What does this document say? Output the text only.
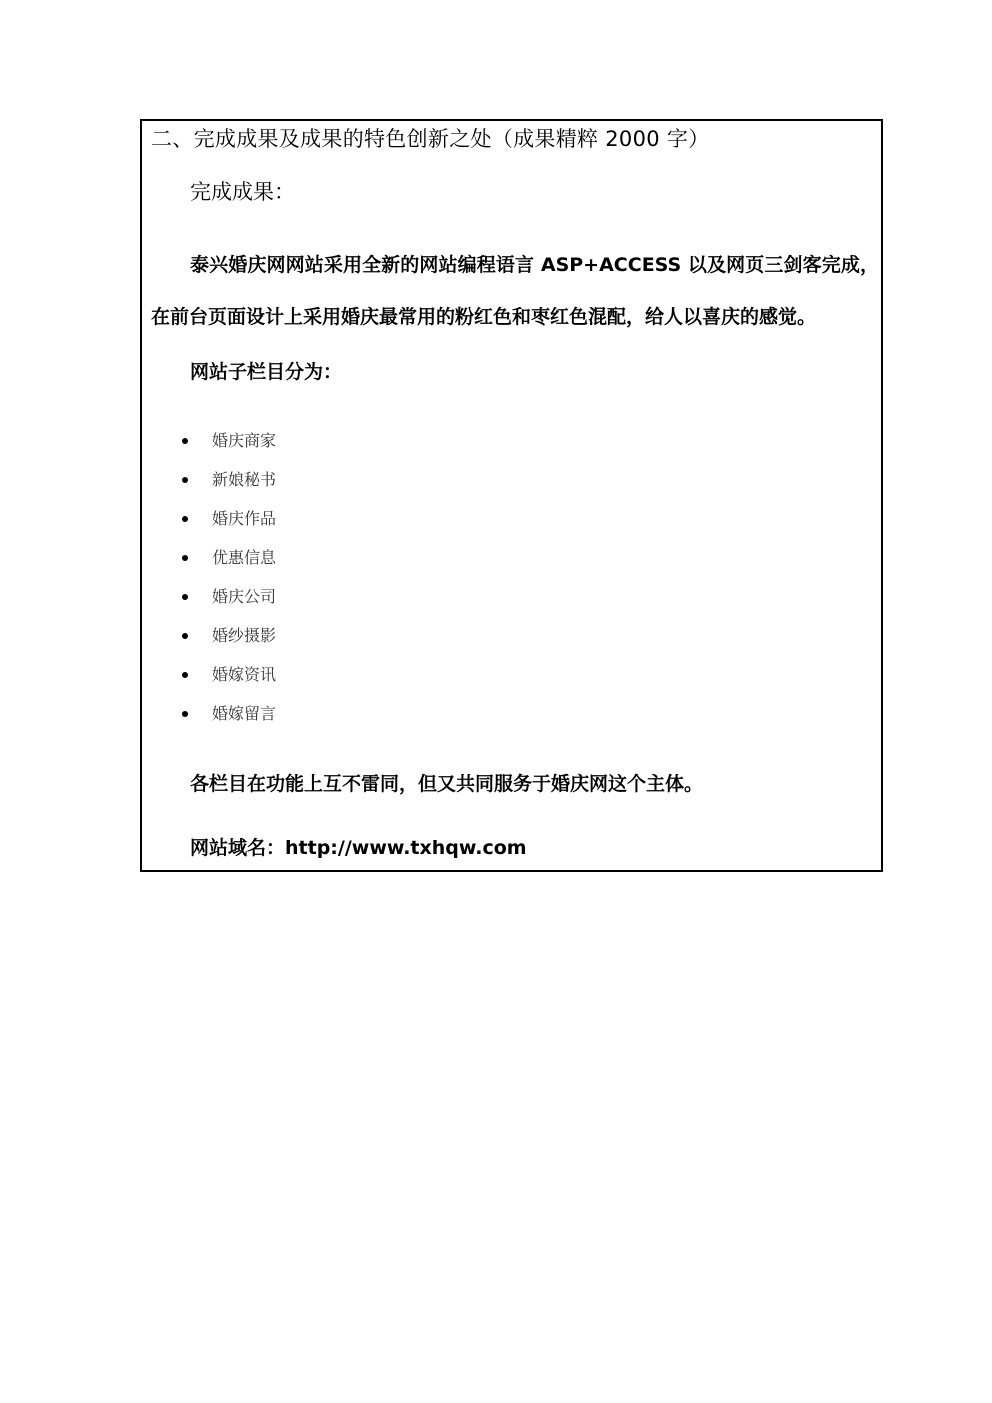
二、完成成果及成果的特色创新之处（成果精粹 2000 字）
完成成果：
泰兴婚庆网网站采用全新的网站编程语言 ASP+ACCESS 以及网页三剑客完成，在前台页面设计上采用婚庆最常用的粉红色和枣红色混配，给人以喜庆的感觉。
网站子栏目分为：
婚庆商家
新娘秘书
婚庆作品
优惠信息
婚庆公司
婚纱摄影
婚嫁资讯
婚嫁留言
各栏目在功能上互不雷同，但又共同服务于婚庆网这个主体。
网站域名：http://www.txhqw.com
